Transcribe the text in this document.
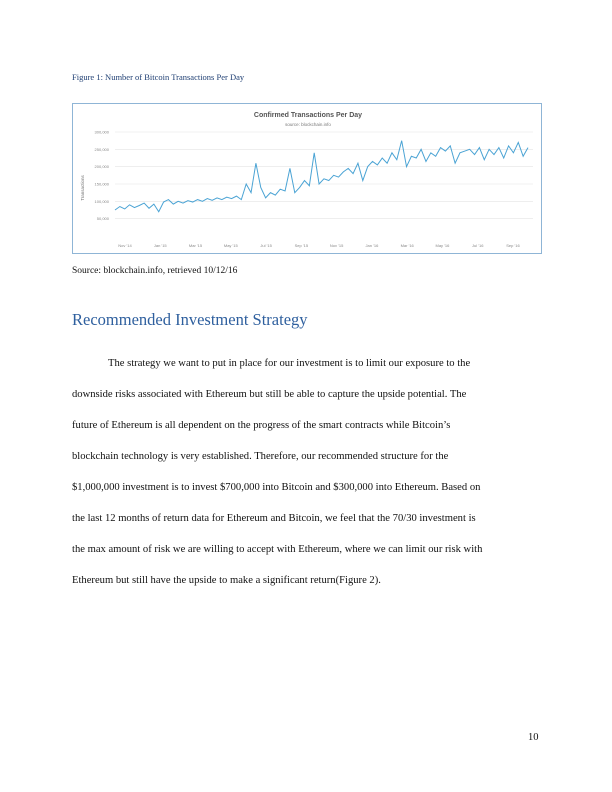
Figure 1: Number of Bitcoin Transactions Per Day
Confirmed Transactions Per Day
source: blockchain.info
Transactions
50,000
100,000
150,000
200,000
250,000
300,000
Nov '14	Jan '15	Mar '15	May '15	Jul '15	Sep '15	Nov '15	Jan '16	Mar '16	May '16	Jul '16	Sep '16
Source: blockchain.info, retrieved 10/12/16
Recommended Investment Strategy
The strategy we want to put in place for our investment is to limit our exposure to the
downside risks associated with Ethereum but still be able to capture the upside potential. The
future of Ethereum is all dependent on the progress of the smart contracts while Bitcoin’s
blockchain technology is very established. Therefore, our recommended structure for the
$1,000,000 investment is to invest $700,000 into Bitcoin and $300,000 into Ethereum. Based on
the last 12 months of return data for Ethereum and Bitcoin, we feel that the 70/30 investment is
the max amount of risk we are willing to accept with Ethereum, where we can limit our risk with
Ethereum but still have the upside to make a significant return(Figure 2).
10
